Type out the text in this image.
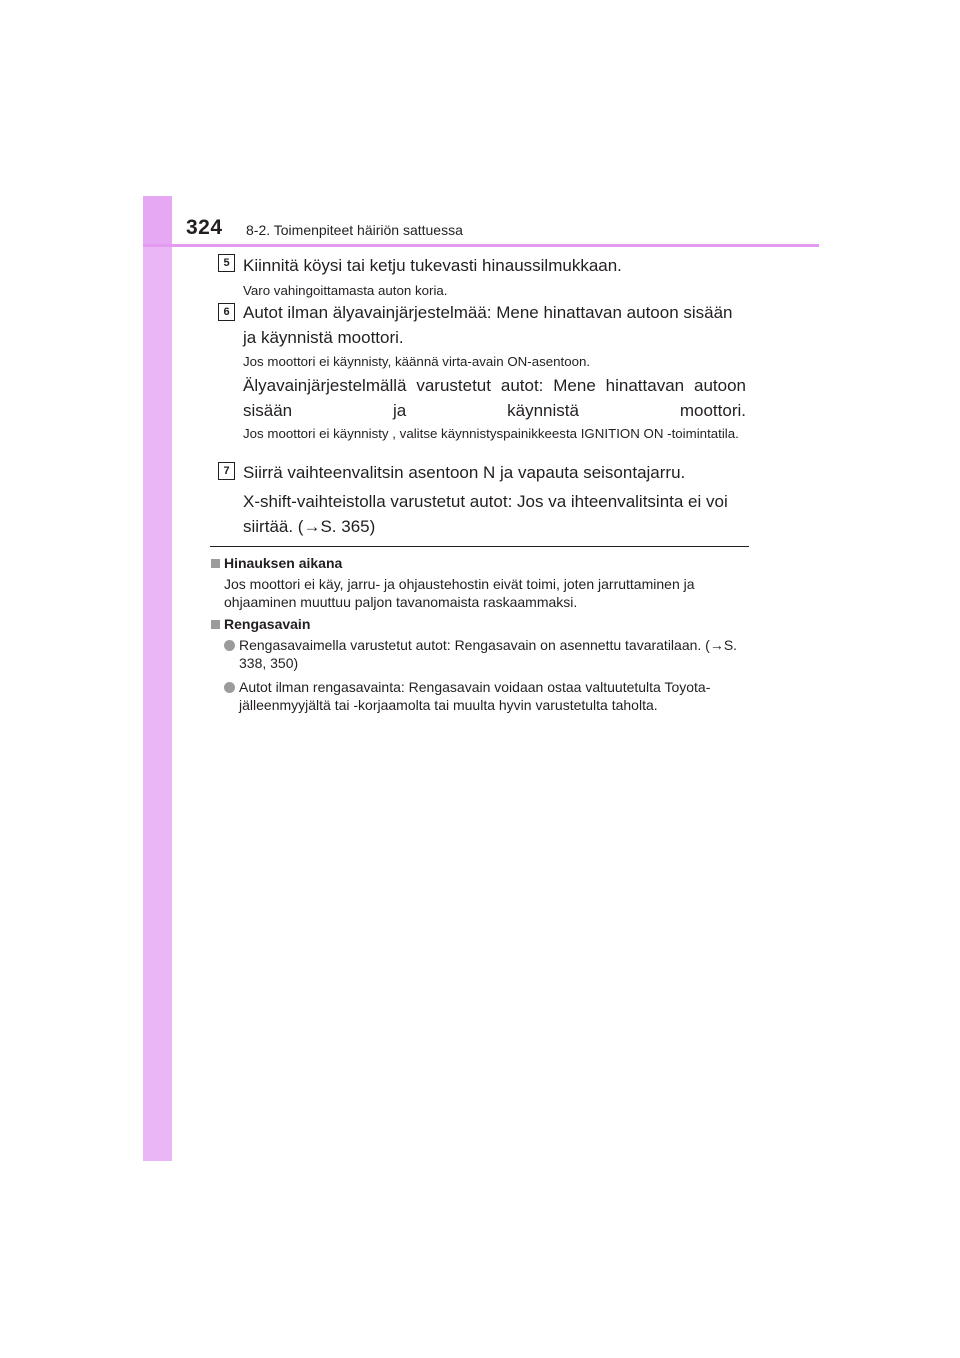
324 8-2. Toimenpiteet häiriön sattuessa
5 Kiinnitä köysi tai ketju tukevasti hinaussilmukkaan.
Varo vahingoittamasta auton koria.
6 Autot ilman älyavainjärjestelmää: Mene hinattavan autoon sisään ja käynnistä moottori.
Jos moottori ei käynnisty, käännä virta-avain ON-asentoon.
Älyavainjärjestelmällä varustetut autot: Mene hinattavan autoon sisään ja käynnistä moottori.
Jos moottori ei käynnisty , valitse käynnistyspainikkeesta IGNITION ON -toimintatila.
7 Siirrä vaihteenvalitsin asentoon N ja vapauta seisontajarru.
X-shift-vaihteistolla varustetut autot: Jos va ihteenvalitsinta ei voi siirtää. (→S. 365)
Hinauksen aikana
Jos moottori ei käy, jarru- ja ohjaustehostin eivät toimi, joten jarruttaminen ja ohjaaminen muuttuu paljon tavanomaista raskaammaksi.
Rengasavain
Rengasavaimella varustetut autot: Rengasavain on asennettu tavaratilaan. (→S. 338, 350)
Autot ilman rengasavainta: Rengasavain voidaan ostaa valtuutetulta Toyota-jälleenmyyjältä tai -korjaamolta tai muulta hyvin varustetulta taholta.
